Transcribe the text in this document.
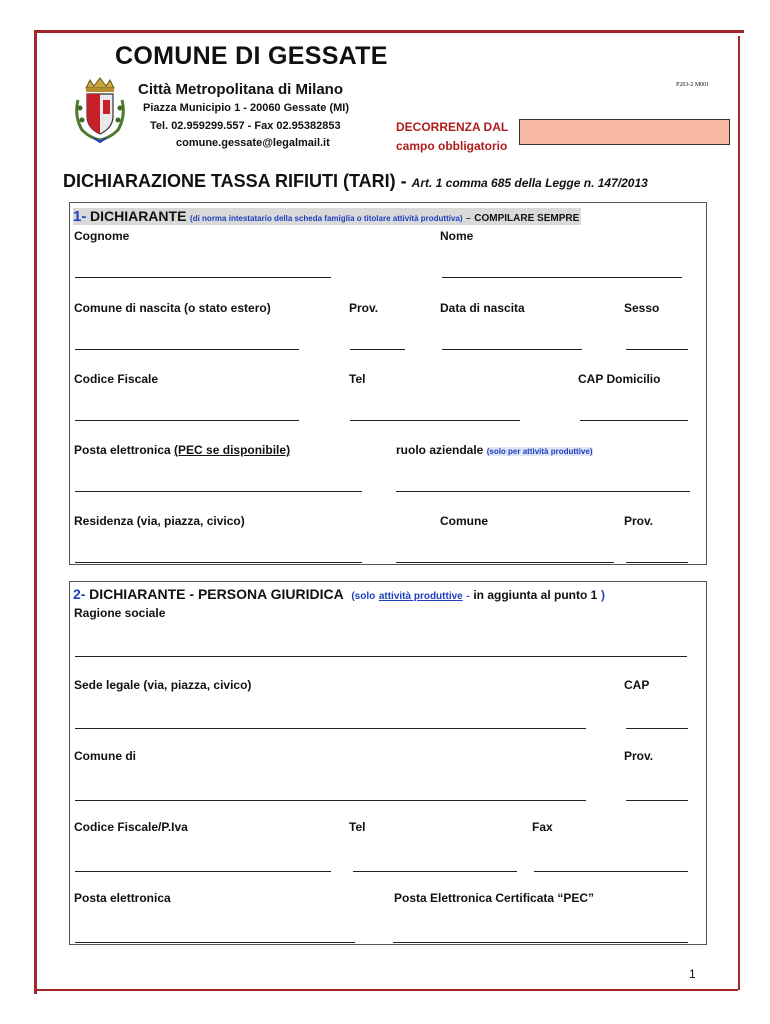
COMUNE DI GESSATE
Città Metropolitana di Milano
Piazza Municipio 1 - 20060 Gessate (MI)
Tel. 02.959299.557 - Fax 02.95382853
comune.gessate@legalmail.it
P203-2 M001
DECORRENZA DAL
campo obbligatorio
DICHIARAZIONE TASSA RIFIUTI (TARI) - Art. 1 comma 685 della Legge n. 147/2013
1- DICHIARANTE (di norma intestatario della scheda famiglia o titolare attività produttiva) – COMPILARE SEMPRE
Cognome	Nome
Comune di nascita (o stato estero)	Prov.	Data di nascita	Sesso
Codice Fiscale	Tel	CAP Domicilio
Posta elettronica (PEC se disponibile)	ruolo aziendale (solo per attività produttive)
Residenza (via, piazza, civico)	Comune	Prov.
2- DICHIARANTE - PERSONA GIURIDICA (solo attività produttive - in aggiunta al punto 1 )
Ragione sociale
Sede legale (via, piazza, civico)	CAP
Comune di	Prov.
Codice Fiscale/P.Iva	Tel	Fax
Posta elettronica	Posta Elettronica Certificata “PEC”
1
